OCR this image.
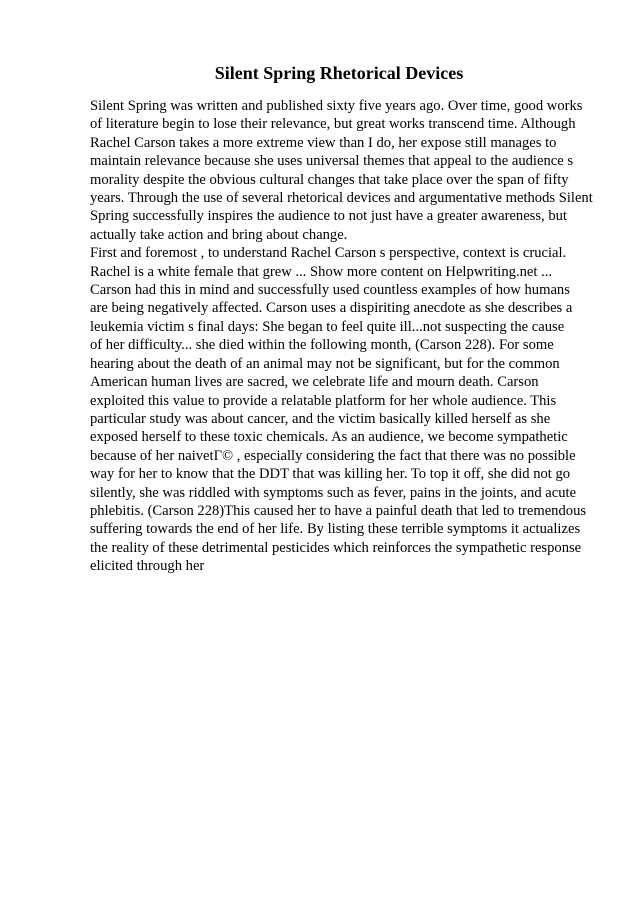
Silent Spring Rhetorical Devices

Silent Spring was written and published sixty five years ago. Over time, good works

of literature begin to lose their relevance, but great works transcend time. Although

Rachel Carson takes a more extreme view than I do, her expose still manages to

maintain relevance because she uses universal themes that appeal to the audience s

morality despite the obvious cultural changes that take place over the span of fifty

years. Through the use of several rhetorical devices and argumentative methods Silent

Spring successfully inspires the audience to not just have a greater awareness, but

actually take action and bring about change.

First and foremost , to understand Rachel Carson s perspective, context is crucial.

Rachel is a white female that grew ... Show more content on Helpwriting.net ...

Carson had this in mind and successfully used countless examples of how humans

are being negatively affected. Carson uses a dispiriting anecdote as she describes a

leukemia victim s final days: She began to feel quite ill...not suspecting the cause

of her difficulty... she died within the following month, (Carson 228). For some

hearing about the death of an animal may not be significant, but for the common

American human lives are sacred, we celebrate life and mourn death. Carson

exploited this value to provide a relatable platform for her whole audience. This

particular study was about cancer, and the victim basically killed herself as she

exposed herself to these toxic chemicals. As an audience, we become sympathetic

because of her naivetГ© , especially considering the fact that there was no possible

way for her to know that the DDT that was killing her. To top it off, she did not go

silently, she was riddled with symptoms such as fever, pains in the joints, and acute

phlebitis. (Carson 228)This caused her to have a painful death that led to tremendous

suffering towards the end of her life. By listing these terrible symptoms it actualizes

the reality of these detrimental pesticides which reinforces the sympathetic response

elicited through her
